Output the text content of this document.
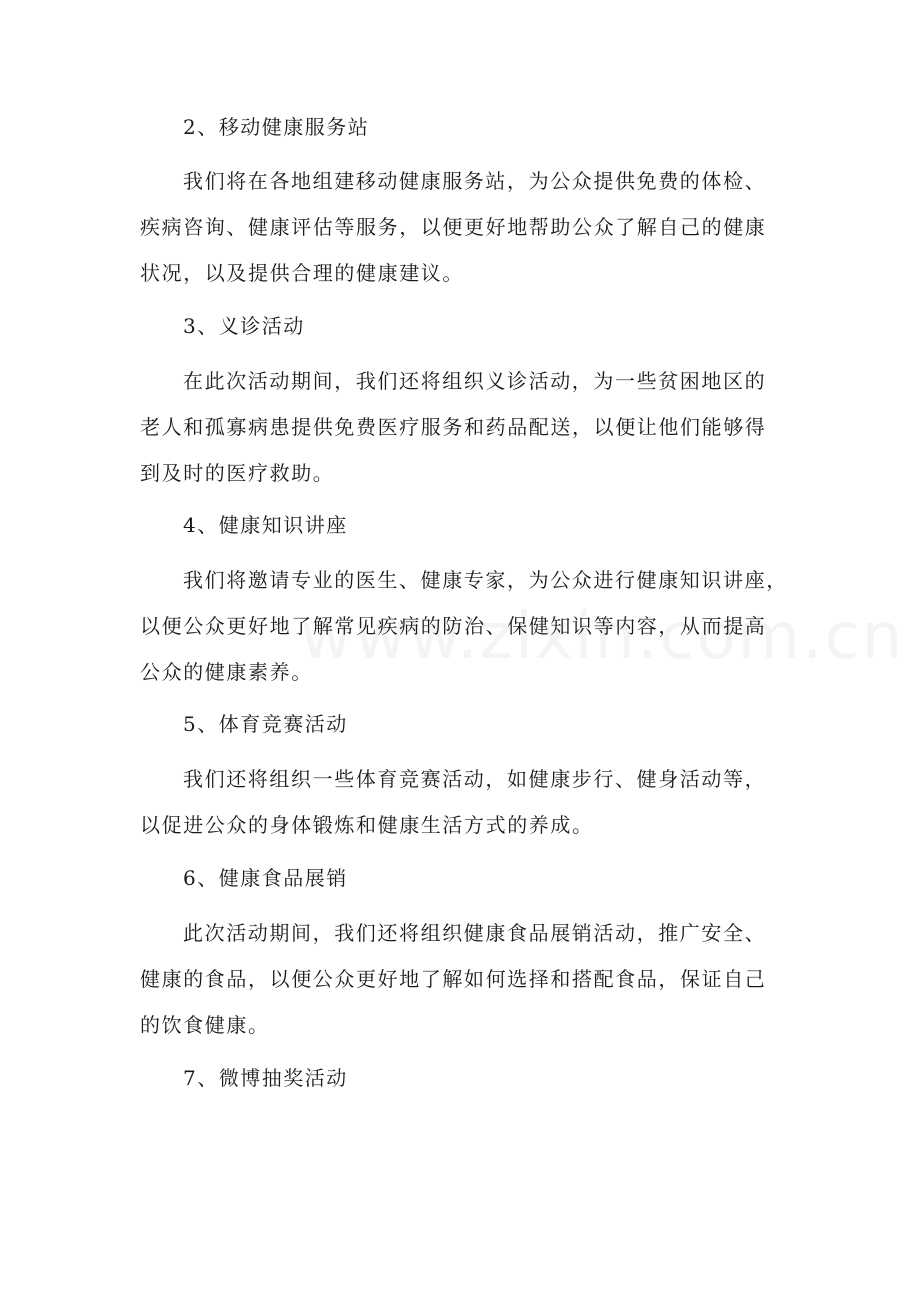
2、移动健康服务站

我们将在各地组建移动健康服务站，为公众提供免费的体检、
疾病咨询、健康评估等服务，以便更好地帮助公众了解自己的健康
状况，以及提供合理的健康建议。

3、义诊活动

在此次活动期间，我们还将组织义诊活动，为一些贫困地区的
老人和孤寡病患提供免费医疗服务和药品配送，以便让他们能够得
到及时的医疗救助。

4、健康知识讲座

我们将邀请专业的医生、健康专家，为公众进行健康知识讲座，
以便公众更好地了解常见疾病的防治、保健知识等内容，从而提高
公众的健康素养。

5、体育竞赛活动

我们还将组织一些体育竞赛活动，如健康步行、健身活动等，
以促进公众的身体锻炼和健康生活方式的养成。

6、健康食品展销

此次活动期间，我们还将组织健康食品展销活动，推广安全、
健康的食品，以便公众更好地了解如何选择和搭配食品，保证自己
的饮食健康。

7、微博抽奖活动
